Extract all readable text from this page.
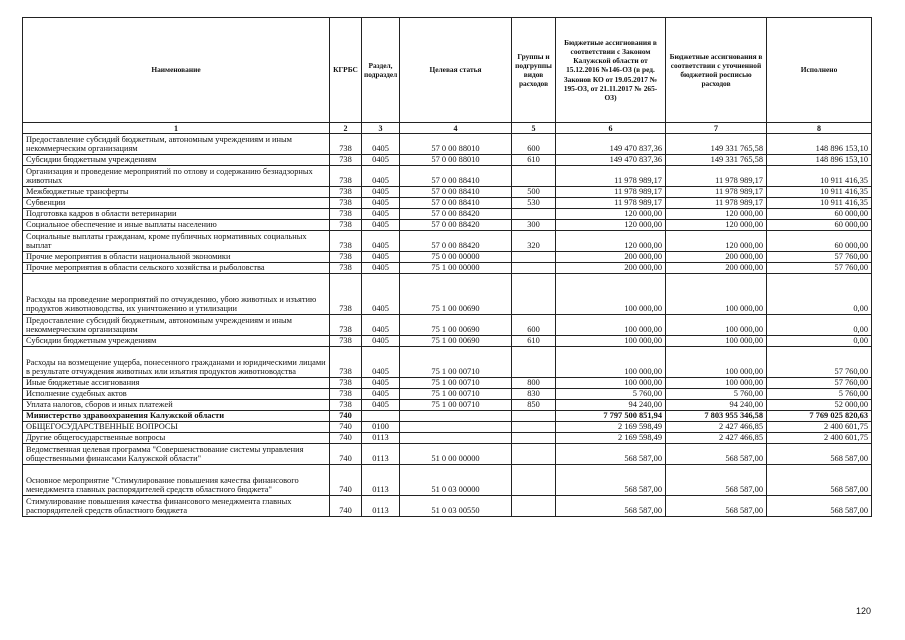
Наименование	КГРБС	Раздел, подраздел	Целевая статья	Группы и подгруппы видов расходов	Бюджетные ассигнования в соответствии с Законом Калужской области от 15.12.2016 №146-ОЗ (в ред. Законов КО от 19.05.2017 № 195-ОЗ, от 21.11.2017 № 265-ОЗ)	Бюджетные ассигнования в соответствии с уточненной бюджетной росписью расходов	Исполнено
1	2	3	4	5	6	7	8
Предоставление субсидий бюджетным, автономным учреждениям и иным некоммерческим организациям	738	0405	57 0 00 88010	600	149 470 837,36	149 331 765,58	148 896 153,10
Субсидии бюджетным учреждениям	738	0405	57 0 00 88010	610	149 470 837,36	149 331 765,58	148 896 153,10
Организация и проведение мероприятий по отлову и содержанию безнадзорных животных	738	0405	57 0 00 88410		11 978 989,17	11 978 989,17	10 911 416,35
Межбюджетные трансферты	738	0405	57 0 00 88410	500	11 978 989,17	11 978 989,17	10 911 416,35
Субвенции	738	0405	57 0 00 88410	530	11 978 989,17	11 978 989,17	10 911 416,35
Подготовка кадров в области ветеринарии	738	0405	57 0 00 88420		120 000,00	120 000,00	60 000,00
Социальное обеспечение и иные выплаты населению	738	0405	57 0 00 88420	300	120 000,00	120 000,00	60 000,00
Социальные выплаты гражданам, кроме публичных нормативных социальных выплат	738	0405	57 0 00 88420	320	120 000,00	120 000,00	60 000,00
Прочие мероприятия в области национальной экономики	738	0405	75 0 00 00000		200 000,00	200 000,00	57 760,00
Прочие мероприятия в области сельского хозяйства и рыболовства	738	0405	75 1 00 00000		200 000,00	200 000,00	57 760,00
Расходы на проведение мероприятий по отчуждению, убою животных и изъятию продуктов животноводства, их уничтожению и утилизации	738	0405	75 1 00 00690		100 000,00	100 000,00	0,00
Предоставление субсидий бюджетным, автономным учреждениям и иным некоммерческим организациям	738	0405	75 1 00 00690	600	100 000,00	100 000,00	0,00
Субсидии бюджетным учреждениям	738	0405	75 1 00 00690	610	100 000,00	100 000,00	0,00
Расходы на возмещение ущерба, понесенного гражданами и юридическими лицами в результате отчуждения животных или изъятия продуктов животноводства	738	0405	75 1 00 00710		100 000,00	100 000,00	57 760,00
Иные бюджетные ассигнования	738	0405	75 1 00 00710	800	100 000,00	100 000,00	57 760,00
Исполнение судебных актов	738	0405	75 1 00 00710	830	5 760,00	5 760,00	5 760,00
Уплата налогов, сборов и иных платежей	738	0405	75 1 00 00710	850	94 240,00	94 240,00	52 000,00
Министерство здравоохранения Калужской области	740				7 797 500 851,94	7 803 955 346,58	7 769 025 820,63
ОБЩЕГОСУДАРСТВЕННЫЕ ВОПРОСЫ	740	0100			2 169 598,49	2 427 466,85	2 400 601,75
Другие общегосударственные вопросы	740	0113			2 169 598,49	2 427 466,85	2 400 601,75
Ведомственная целевая программа "Совершенствование системы управления общественными финансами Калужской области"	740	0113	51 0 00 00000		568 587,00	568 587,00	568 587,00
Основное мероприятие "Стимулирование повышения качества финансового менеджмента главных распорядителей средств областного бюджета"	740	0113	51 0 03 00000		568 587,00	568 587,00	568 587,00
Стимулирование повышения качества финансового менеджмента главных распорядителей средств областного бюджета	740	0113	51 0 03 00550		568 587,00	568 587,00	568 587,00
120
